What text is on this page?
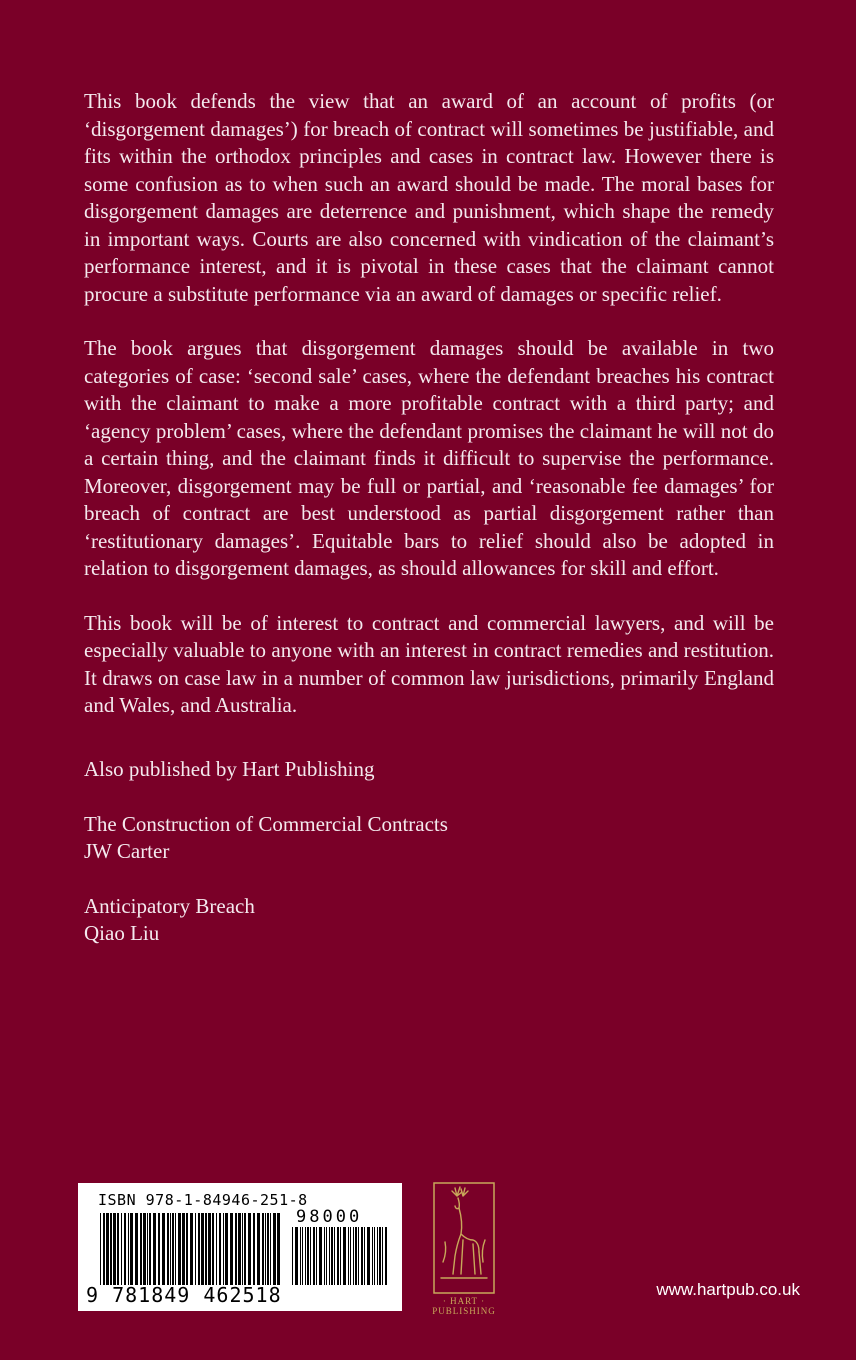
This book defends the view that an award of an account of profits (or ‘disgorgement damages’) for breach of contract will sometimes be justifiable, and fits within the orthodox principles and cases in contract law. However there is some confusion as to when such an award should be made. The moral bases for disgorgement damages are deterrence and punishment, which shape the remedy in important ways. Courts are also concerned with vindication of the claimant’s performance interest, and it is pivotal in these cases that the claimant cannot procure a substitute performance via an award of damages or specific relief.

The book argues that disgorgement damages should be available in two categories of case: ‘second sale’ cases, where the defendant breaches his contract with the claimant to make a more profitable contract with a third party; and ‘agency problem’ cases, where the defendant promises the claimant he will not do a certain thing, and the claimant finds it difficult to supervise the performance. Moreover, disgorgement may be full or partial, and ‘reasonable fee damages’ for breach of contract are best understood as partial disgorgement rather than ‘restitutionary damages’. Equitable bars to relief should also be adopted in relation to disgorgement damages, as should allowances for skill and effort.

This book will be of interest to contract and commercial lawyers, and will be especially valuable to anyone with an interest in contract remedies and restitution. It draws on case law in a number of common law jurisdictions, primarily England and Wales, and Australia.

Also published by Hart Publishing
The Construction of Commercial Contracts
JW Carter
Anticipatory Breach
Qiao Liu
ISBN 978-1-84946-251-8
98000
9 781849 462518	· HART ·
PUBLISHING
www.hartpub.co.uk
